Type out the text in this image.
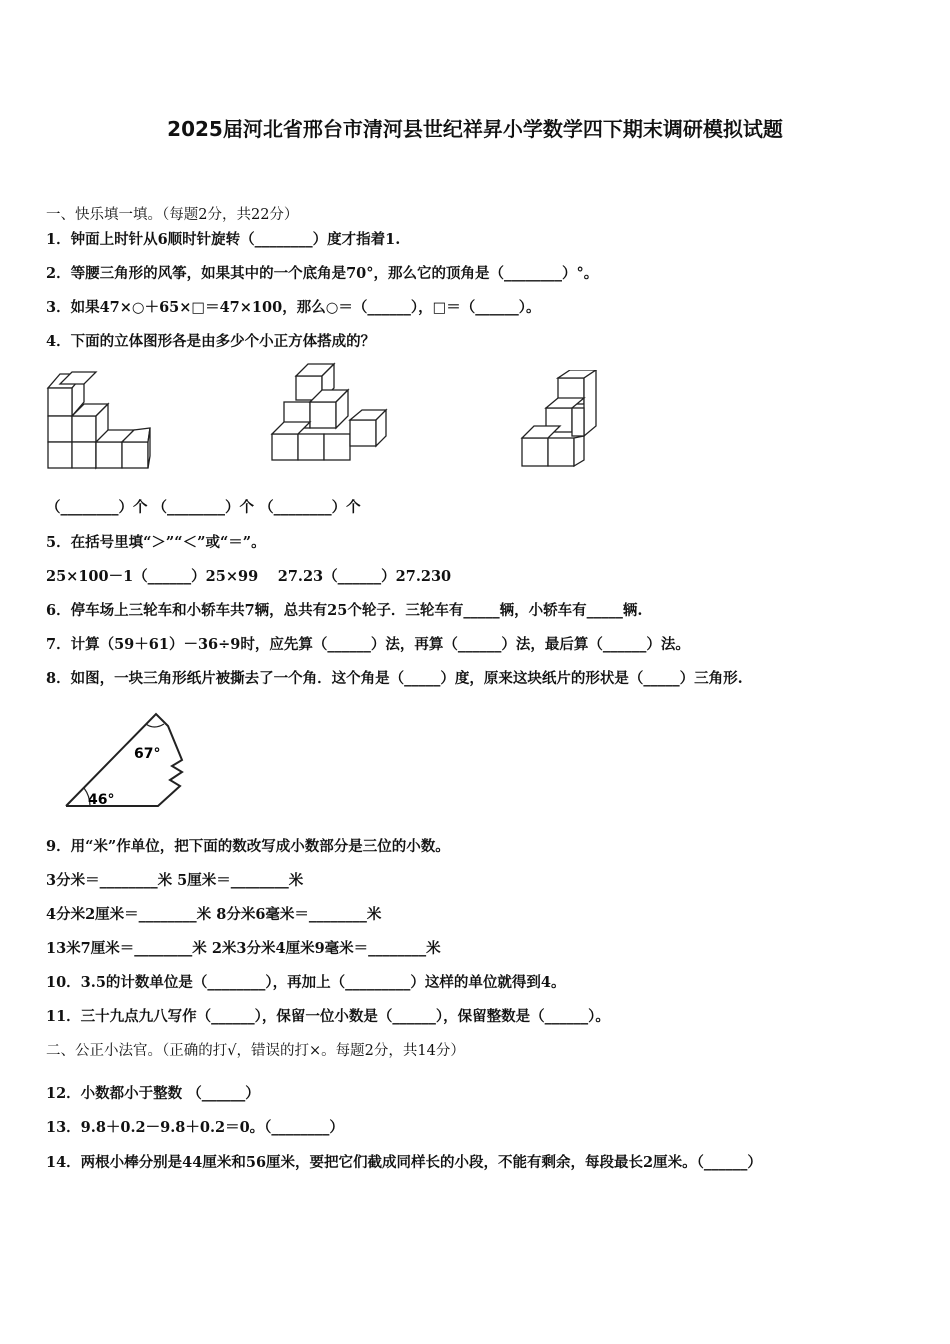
2025届河北省邢台市清河县世纪祥昇小学数学四下期末调研模拟试题
一、快乐填一填。（每题2分，共22分）
1．钟面上时针从6顺时针旋转（________）度才指着1.
2．等腰三角形的风筝，如果其中的一个底角是70°，那么它的顶角是（________）°。
3．如果47×○＋65×□＝47×100，那么○＝（______），□＝（______）。
4．下面的立体图形各是由多少个小正方体搭成的？
（________）个 （________）个 （________）个
5．在括号里填“＞”“＜”或“＝”。
25×100－1（______）25×99　 27.23（______）27.230
6．停车场上三轮车和小轿车共7辆，总共有25个轮子．三轮车有_____辆，小轿车有_____辆.
7．计算（59＋61）－36÷9时，应先算（______）法，再算（______）法，最后算（______）法。
8．如图，一块三角形纸片被撕去了一个角．这个角是（_____）度，原来这块纸片的形状是（_____）三角形.
67°
46°
9．用“米”作单位，把下面的数改写成小数部分是三位的小数。
3分米＝________米 5厘米＝________米
4分米2厘米＝________米 8分米6毫米＝________米
13米7厘米＝________米 2米3分米4厘米9毫米＝________米
10．3.5的计数单位是（________），再加上（_________）这样的单位就得到4。
11．三十九点九八写作（______），保留一位小数是（______），保留整数是（______）。
二、公正小法官。（正确的打√，错误的打×。每题2分，共14分）
12．小数都小于整数 （______）
13．9.8＋0.2－9.8＋0.2＝0。（________）
14．两根小棒分别是44厘米和56厘米，要把它们截成同样长的小段，不能有剩余，每段最长2厘米。（______）
